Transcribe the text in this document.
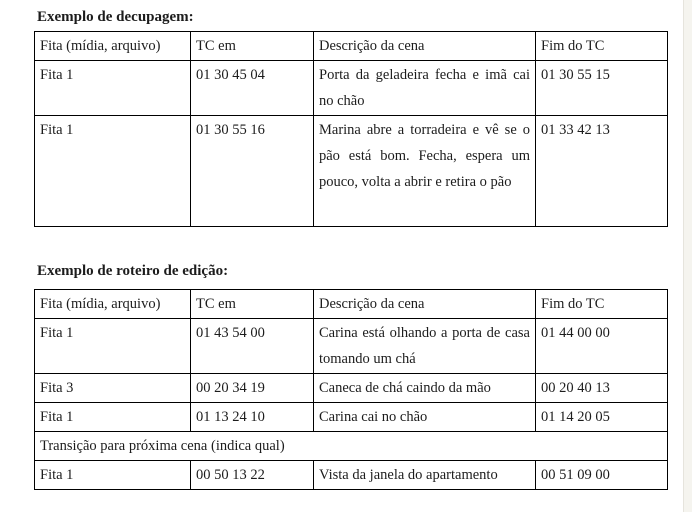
Exemplo de decupagem:
Fita (mídia, arquivo)	TC em	Descrição da cena	Fim do TC
Fita 1	01 30 45 04	Porta da geladeira fecha e imã cai no chão	01 30 55 15
Fita 1	01 30 55 16	Marina abre a torradeira e vê se o pão está bom. Fecha, espera um pouco, volta a abrir e retira o pão	01 33 42 13
Exemplo de roteiro de edição:
Fita (mídia, arquivo)	TC em	Descrição da cena	Fim do TC
Fita 1	01 43 54 00	Carina está olhando a porta de casa tomando um chá	01 44 00 00
Fita 3	00 20 34 19	Caneca de chá caindo da mão	00 20 40 13
Fita 1	01 13 24 10	Carina cai no chão	01 14 20 05
Transição para próxima cena (indica qual)			
Fita 1	00 50 13 22	Vista da janela do apartamento	00 51 09 00
